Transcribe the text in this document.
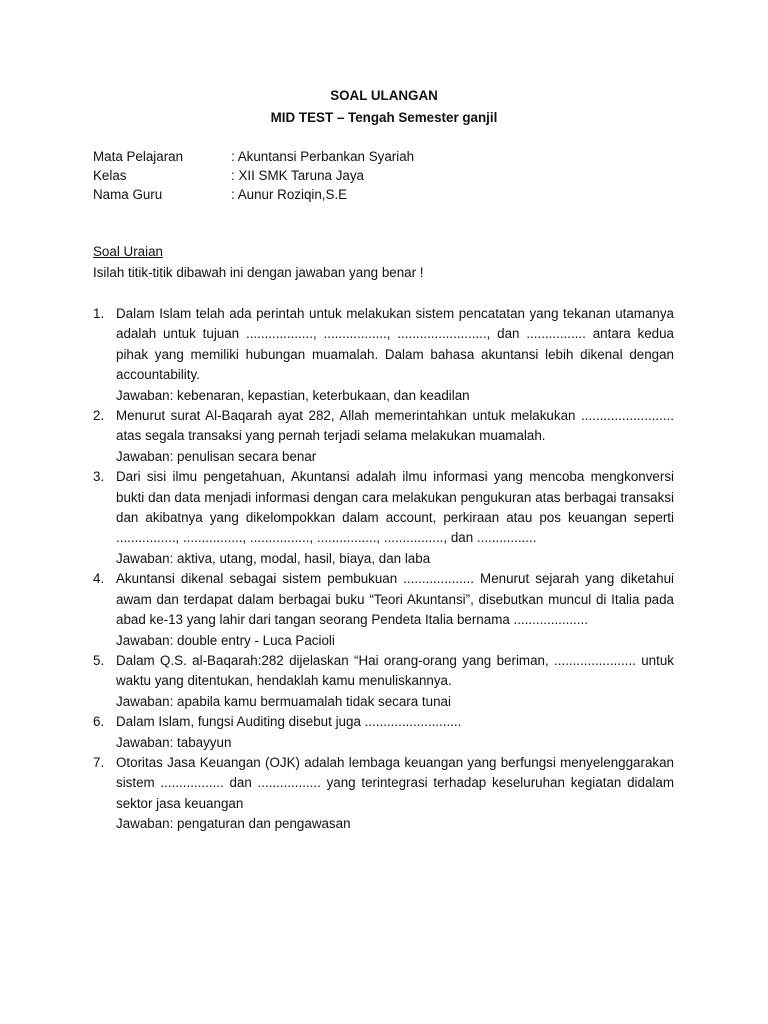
SOAL ULANGAN
MID TEST – Tengah Semester ganjil
Mata Pelajaran	: Akuntansi Perbankan Syariah
Kelas	: XII SMK Taruna Jaya
Nama Guru	: Aunur Roziqin,S.E
Soal Uraian
Isilah titik-titik dibawah ini dengan jawaban yang benar !
1. Dalam Islam telah ada perintah untuk melakukan sistem pencatatan yang tekanan utamanya adalah untuk tujuan .................., ................., ........................, dan ................ antara kedua pihak yang memiliki hubungan muamalah. Dalam bahasa akuntansi lebih dikenal dengan accountability.

Jawaban: kebenaran, kepastian, keterbukaan, dan keadilan

2. Menurut surat Al-Baqarah ayat 282, Allah memerintahkan untuk melakukan ......................... atas segala transaksi yang pernah terjadi selama melakukan muamalah.

Jawaban: penulisan secara benar

3. Dari sisi ilmu pengetahuan, Akuntansi adalah ilmu informasi yang mencoba mengkonversi bukti dan data menjadi informasi dengan cara melakukan pengukuran atas berbagai transaksi dan akibatnya yang dikelompokkan dalam account, perkiraan atau pos keuangan seperti ................, ................, ................, ................, ................, dan ................

Jawaban: aktiva, utang, modal, hasil, biaya, dan laba

4. Akuntansi dikenal sebagai sistem pembukuan ................... Menurut sejarah yang diketahui awam dan terdapat dalam berbagai buku “Teori Akuntansi”, disebutkan muncul di Italia pada abad ke-13 yang lahir dari tangan seorang Pendeta Italia bernama ....................

Jawaban: double entry - Luca Pacioli

5. Dalam Q.S. al-Baqarah:282 dijelaskan “Hai orang-orang yang beriman, ...................... untuk waktu yang ditentukan, hendaklah kamu menuliskannya.

Jawaban: apabila kamu bermuamalah tidak secara tunai

6. Dalam Islam, fungsi Auditing disebut juga ..........................

Jawaban: tabayyun

7. Otoritas Jasa Keuangan (OJK) adalah lembaga keuangan yang berfungsi menyelenggarakan sistem ................. dan ................. yang terintegrasi terhadap keseluruhan kegiatan didalam sektor jasa keuangan

Jawaban: pengaturan dan pengawasan
